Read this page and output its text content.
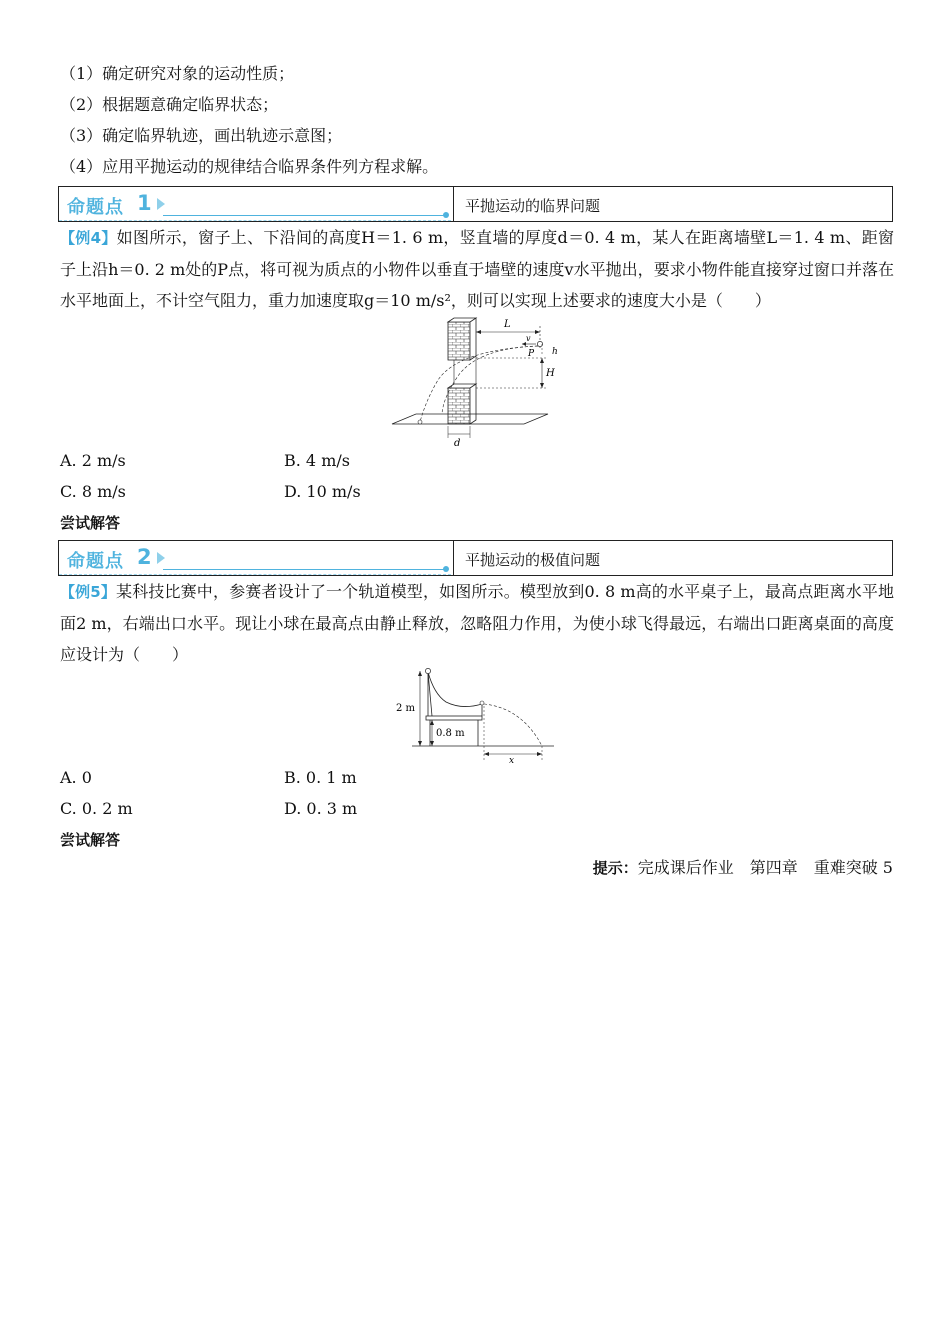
（1）确定研究对象的运动性质；
（2）根据题意确定临界状态；
（3）确定临界轨迹，画出轨迹示意图；
（4）应用平抛运动的规律结合临界条件列方程求解。
命题点 1	平抛运动的临界问题
【例4】如图所示，窗子上、下沿间的高度H＝1. 6 m，竖直墙的厚度d＝0. 4 m，某人在距离墙壁L＝1. 4 m、距窗子上沿h＝0. 2 m处的P点，将可视为质点的小物件以垂直于墙壁的速度v水平抛出，要求小物件能直接穿过窗口并落在水平地面上，不计空气阻力，重力加速度取g＝10 m/s²，则可以实现上述要求的速度大小是（　　）
L
v
P h
H
d
A. 2 m/s	B. 4 m/s
C. 8 m/s	D. 10 m/s
尝试解答
命题点 2	平抛运动的极值问题
【例5】某科技比赛中，参赛者设计了一个轨道模型，如图所示。模型放到0. 8 m高的水平桌子上，最高点距离水平地面2 m，右端出口水平。现让小球在最高点由静止释放，忽略阻力作用，为使小球飞得最远，右端出口距离桌面的高度应设计为（　　）
2 m
0.8 m
x
A. 0	B. 0. 1 m
C. 0. 2 m	D. 0. 3 m
尝试解答
提示：完成课后作业　第四章　重难突破 5
